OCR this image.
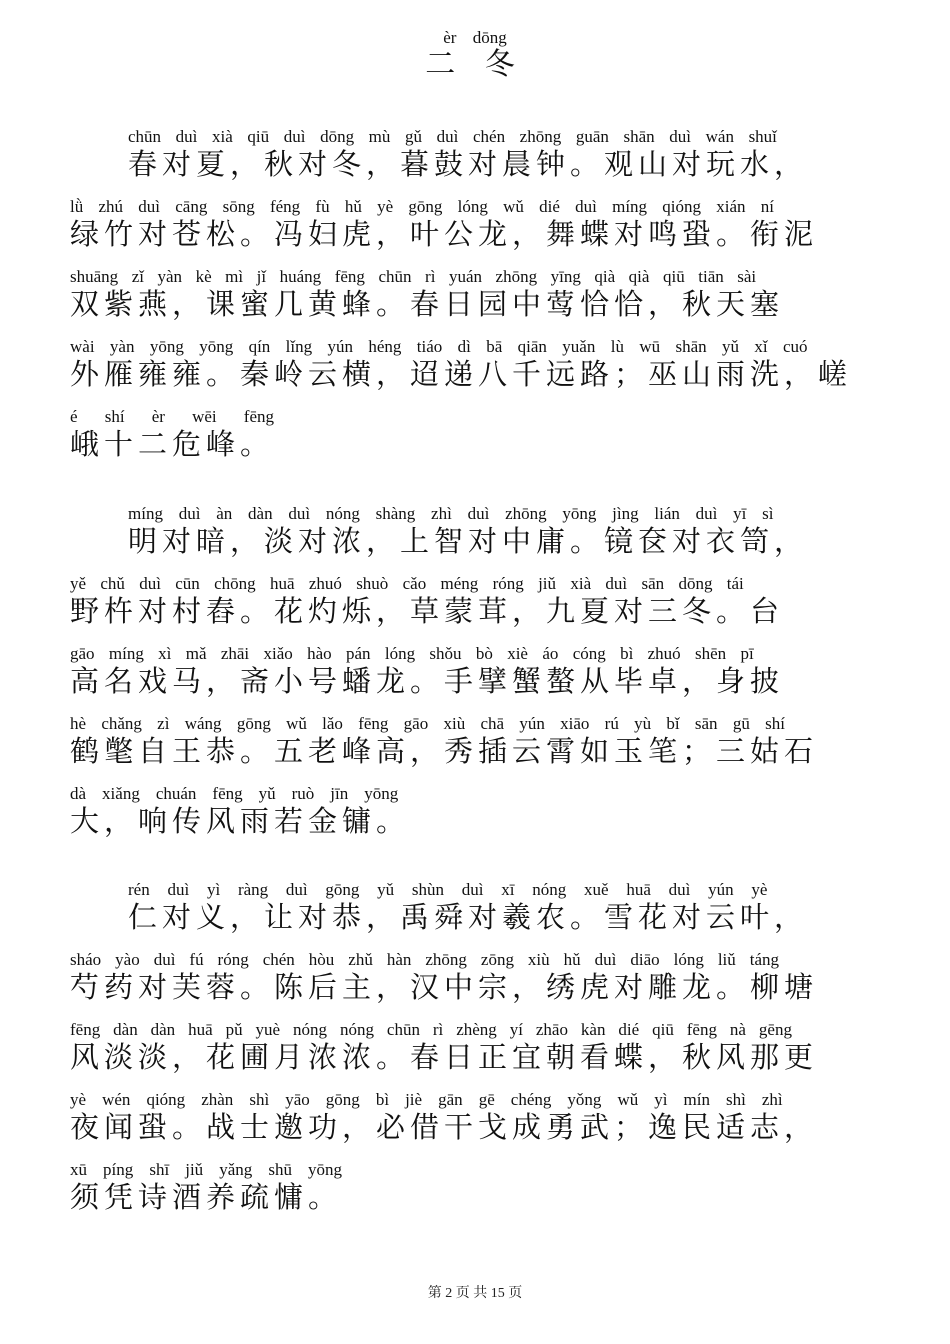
èr dōng
二 冬
chūn duì xià qiū duì dōng mù gǔ duì chén zhōng guān shān duì wán shuǐ
春对夏，秋对冬，暮鼓对晨钟。观山对玩水，
lǜ zhú duì cāng sōng féng fù hǔ yè gōng lóng wǔ dié duì míng qióng xián ní
绿竹对苍松。冯妇虎，叶公龙，舞蝶对鸣蛩。衔泥
shuāng zǐ yàn kè mì jǐ huáng fēng chūn rì yuán zhōng yīng qià qià qiū tiān sài
双紫燕，课蜜几黄蜂。春日园中莺恰恰，秋天塞
wài yàn yōng yōng qín lǐng yún héng tiáo dì bā qiān yuǎn lù wū shān yǔ xǐ cuó
外雁雍雍。秦岭云横，迢递八千远路；巫山雨洗，嵯
é shí èr wēi fēng
峨十二危峰。
míng duì àn dàn duì nóng shàng zhì duì zhōng yōng jìng lián duì yī sì
明对暗，淡对浓，上智对中庸。镜奁对衣笥，
yě chǔ duì cūn chōng huā zhuó shuò cǎo méng róng jiǔ xià duì sān dōng tái
野杵对村舂。花灼烁，草蒙茸，九夏对三冬。台
gāo míng xì mǎ zhāi xiǎo hào pán lóng shǒu bò xiè áo cóng bì zhuó shēn pī
高名戏马，斋小号蟠龙。手擘蟹螯从毕卓，身披
hè chǎng zì wáng gōng wǔ lǎo fēng gāo xiù chā yún xiāo rú yù bǐ sān gū shí
鹤氅自王恭。五老峰高，秀插云霄如玉笔；三姑石
dà xiǎng chuán fēng yǔ ruò jīn yōng
大，响传风雨若金镛。
rén duì yì ràng duì gōng yǔ shùn duì xī nóng xuě huā duì yún yè
仁对义，让对恭，禹舜对羲农。雪花对云叶，
sháo yào duì fú róng chén hòu zhǔ hàn zhōng zōng xiù hǔ duì diāo lóng liǔ táng
芍药对芙蓉。陈后主，汉中宗，绣虎对雕龙。柳塘
fēng dàn dàn huā pǔ yuè nóng nóng chūn rì zhèng yí zhāo kàn dié qiū fēng nà gēng
风淡淡，花圃月浓浓。春日正宜朝看蝶，秋风那更
yè wén qióng zhàn shì yāo gōng bì jiè gān gē chéng yǒng wǔ yì mín shì zhì
夜闻蛩。战士邀功，必借干戈成勇武；逸民适志，
xū píng shī jiǔ yǎng shū yōng
须凭诗酒养疏慵。
第 2 页 共 15 页
